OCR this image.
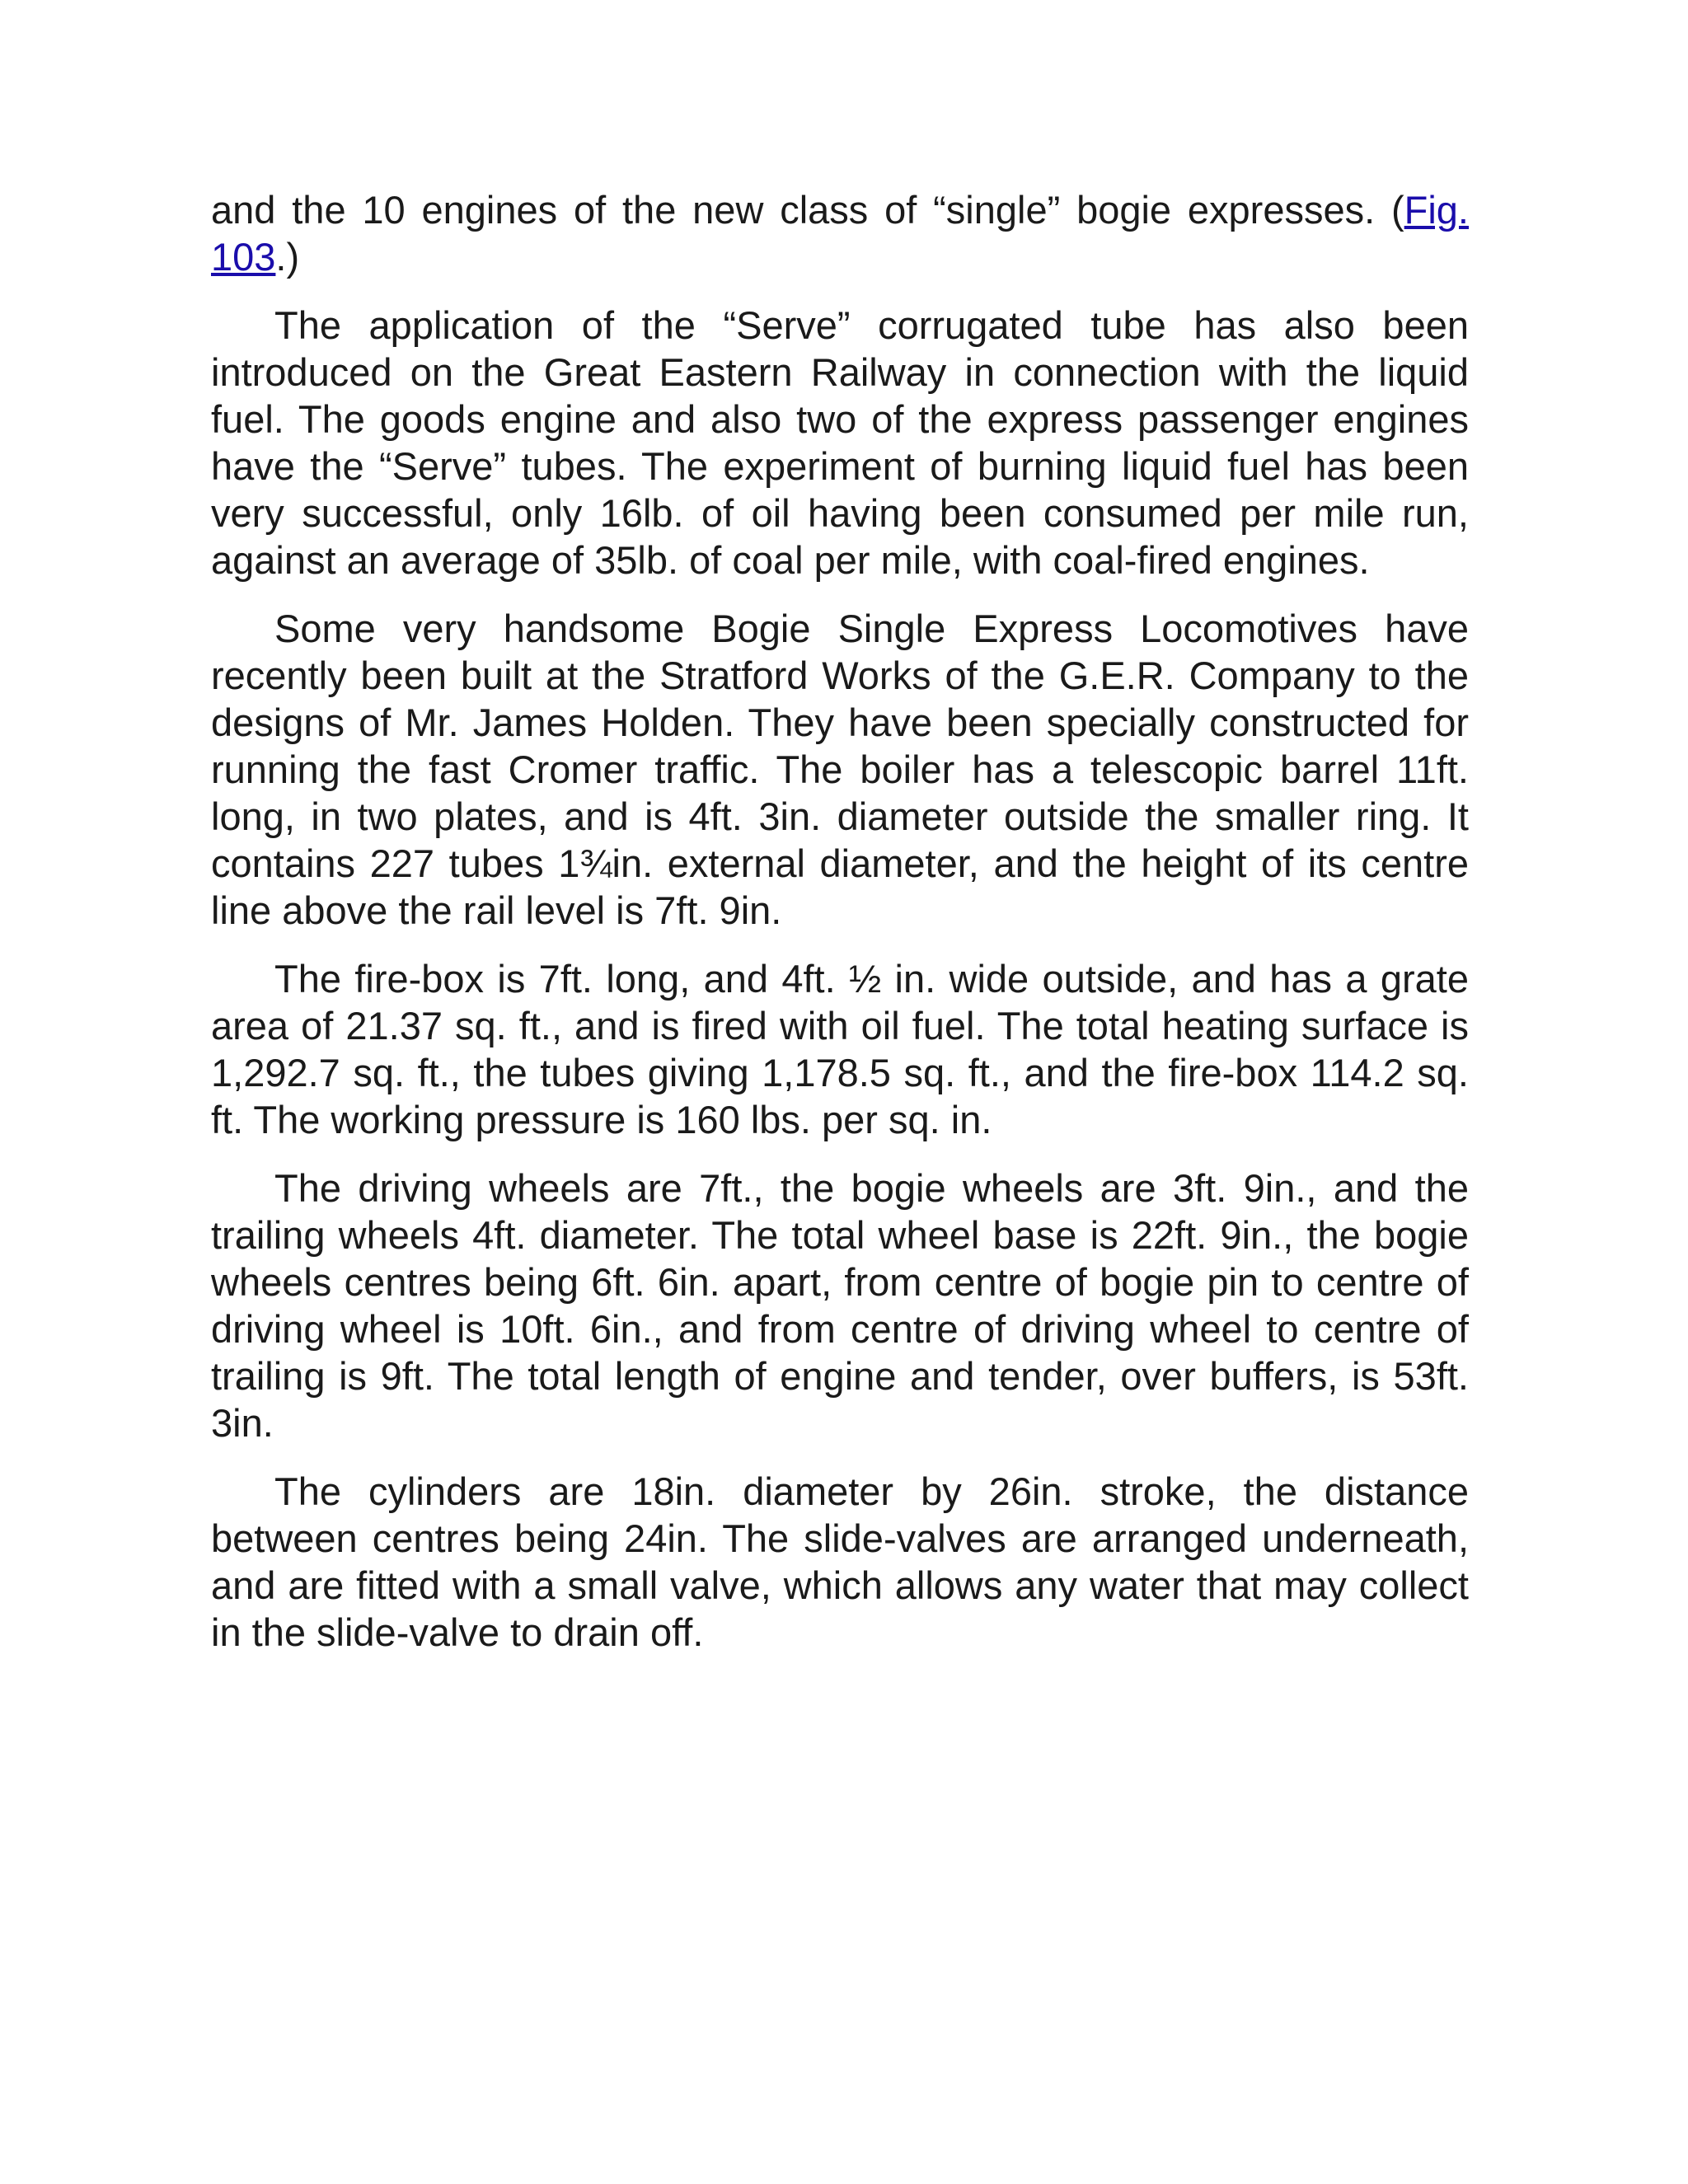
and the 10 engines of the new class of “single” bogie expresses. (Fig. 103.)

The application of the “Serve” corrugated tube has also been introduced on the Great Eastern Railway in connection with the liquid fuel. The goods engine and also two of the express passenger engines have the “Serve” tubes. The experiment of burning liquid fuel has been very successful, only 16lb. of oil having been consumed per mile run, against an average of 35lb. of coal per mile, with coal-fired engines.

Some very handsome Bogie Single Express Locomotives have recently been built at the Stratford Works of the G.E.R. Company to the designs of Mr. James Holden. They have been specially constructed for running the fast Cromer traffic. The boiler has a telescopic barrel 11ft. long, in two plates, and is 4ft. 3in. diameter outside the smaller ring. It contains 227 tubes 1¾in. external diameter, and the height of its centre line above the rail level is 7ft. 9in.

The fire-box is 7ft. long, and 4ft. ½ in. wide outside, and has a grate area of 21.37 sq. ft., and is fired with oil fuel. The total heating surface is 1,292.7 sq. ft., the tubes giving 1,178.5 sq. ft., and the fire-box 114.2 sq. ft. The working pressure is 160 lbs. per sq. in.

The driving wheels are 7ft., the bogie wheels are 3ft. 9in., and the trailing wheels 4ft. diameter. The total wheel base is 22ft. 9in., the bogie wheels centres being 6ft. 6in. apart, from centre of bogie pin to centre of driving wheel is 10ft. 6in., and from centre of driving wheel to centre of trailing is 9ft. The total length of engine and tender, over buffers, is 53ft. 3in.

The cylinders are 18in. diameter by 26in. stroke, the distance between centres being 24in. The slide-valves are arranged underneath, and are fitted with a small valve, which allows any water that may collect in the slide-valve to drain off.
